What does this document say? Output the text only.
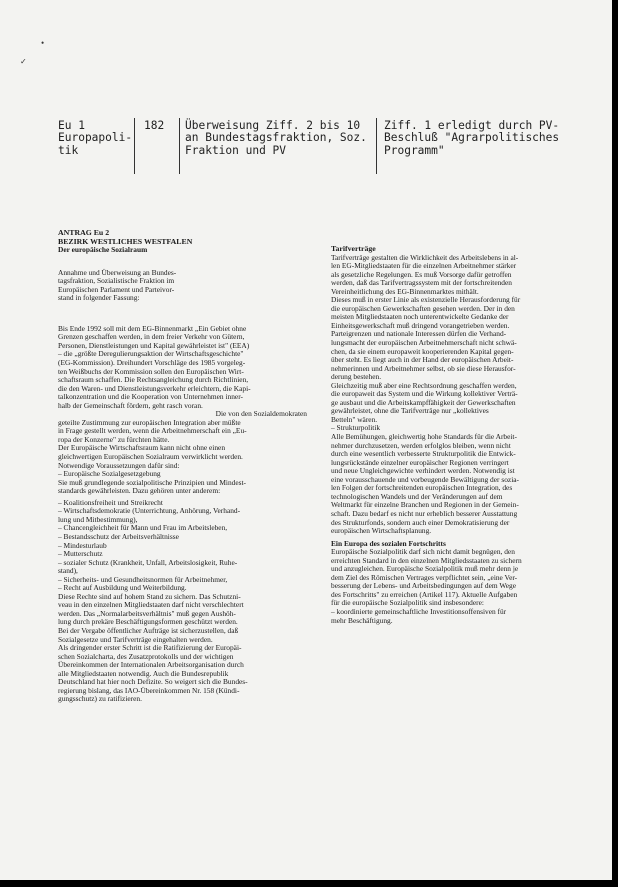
•
✓
Eu 1
Europapoli-
tik
182 Überweisung Ziff. 2 bis 10
an Bundestagsfraktion, Soz.
Fraktion und PV
Ziff. 1 erledigt durch PV-
Beschluß "Agrarpolitisches
Programm"

ANTRAG Eu 2

BEZIRK WESTLICHES WESTFALEN

Der europäische Sozialraum

Annahme und Überweisung an Bundes-

tagsfraktion, Sozialistische Fraktion im

Europäischen Parlament und Parteivor-

stand in folgender Fassung:

Bis Ende 1992 soll mit dem EG-Binnenmarkt „Ein Gebiet ohne

Grenzen geschaffen werden, in dem freier Verkehr von Gütern,

Personen, Dienstleistungen und Kapital gewährleistet ist" (EEA)

– die „größte Deregulierungsaktion der Wirtschaftsgeschichte"

(EG-Kommission). Dreihundert Vorschläge des 1985 vorgeleg-

ten Weißbuchs der Kommission sollen den Europäischen Wirt-

schaftsraum schaffen. Die Rechtsangleichung durch Richtlinien,

die den Waren- und Dienstleistungsverkehr erleichtern, die Kapi-

talkonzentration und die Kooperation von Unternehmen inner-

halb der Gemeinschaft fördern, geht rasch voran.

Die von den Sozialdemokraten

geteilte Zustimmung zur europäischen Integration aber müßte

in Frage gestellt werden, wenn die Arbeitnehmerschaft ein „Eu-

ropa der Konzerne" zu fürchten hätte.

Der Europäische Wirtschaftsraum kann nicht ohne einen

gleichwertigen Europäischen Sozialraum verwirklicht werden.

Notwendige Voraussetzungen dafür sind:

– Europäische Sozialgesetzgebung

Sie muß grundlegende sozialpolitische Prinzipien und Mindest-

standards gewährleisten. Dazu gehören unter anderem:

– Koalitionsfreiheit und Streikrecht

– Wirtschaftsdemokratie (Unterrichtung, Anhörung, Verhand-

lung und Mitbestimmung),

– Chancengleichheit für Mann und Frau im Arbeitsleben,

– Bestandsschutz der Arbeitsverhältnisse

– Mindesturlaub

– Mutterschutz

– sozialer Schutz (Krankheit, Unfall, Arbeitslosigkeit, Ruhe-

stand),

– Sicherheits- und Gesundheitsnormen für Arbeitnehmer,

– Recht auf Ausbildung und Weiterbildung.

Diese Rechte sind auf hohem Stand zu sichern. Das Schutzni-

veau in den einzelnen Mitgliedstaaten darf nicht verschlechtert

werden. Das „Normalarbeitsverhältnis" muß gegen Aushöh-

lung durch prekäre Beschäftigungsformen geschützt werden.

Bei der Vergabe öffentlicher Aufträge ist sicherzustellen, daß

Sozialgesetze und Tarifverträge eingehalten werden.

Als dringender erster Schritt ist die Ratifizierung der Europäi-

schen Sozialcharta, des Zusatzprotokolls und der wichtigen

Übereinkommen der Internationalen Arbeitsorganisation durch

alle Mitgliedstaaten notwendig. Auch die Bundesrepublik

Deutschland hat hier noch Defizite. So weigert sich die Bundes-

regierung bislang, das IAO-Übereinkommen Nr. 158 (Kündi-

gungsschutz) zu ratifizieren.

Tarifverträge

Tarifverträge gestalten die Wirklichkeit des Arbeitslebens in al-

len EG-Mitgliedstaaten für die einzelnen Arbeitnehmer stärker

als gesetzliche Regelungen. Es muß Vorsorge dafür getroffen

werden, daß das Tarifvertragssystem mit der fortschreitenden

Vereinheitlichung des EG-Binnenmarktes mithält.

Dieses muß in erster Linie als existenzielle Herausforderung für

die europäischen Gewerkschaften gesehen werden. Der in den

meisten Mitgliedstaaten noch unterentwickelte Gedanke der

Einheitsgewerkschaft muß dringend vorangetrieben werden.

Parteigrenzen und nationale Interessen dürfen die Verhand-

lungsmacht der europäischen Arbeitnehmerschaft nicht schwä-

chen, da sie einem europaweit kooperierenden Kapital gegen-

über steht. Es liegt auch in der Hand der europäischen Arbeit-

nehmerinnen und Arbeitnehmer selbst, ob sie diese Herausfor-

derung bestehen.

Gleichzeitig muß aber eine Rechtsordnung geschaffen werden,

die europaweit das System und die Wirkung kollektiver Verträ-

ge ausbaut und die Arbeitskampffähigkeit der Gewerkschaften

gewährleistet, ohne die Tarifverträge nur „kollektives

Betteln" wären.

– Strukturpolitik

Alle Bemühungen, gleichwertig hohe Standards für die Arbeit-

nehmer durchzusetzen, werden erfolglos bleiben, wenn nicht

durch eine wesentlich verbesserte Strukturpolitik die Entwick-

lungsrückstände einzelner europäischer Regionen verringert

und neue Ungleichgewichte verhindert werden. Notwendig ist

eine vorausschauende und vorbeugende Bewältigung der sozia-

len Folgen der fortschreitenden europäischen Integration, des

technologischen Wandels und der Veränderungen auf dem

Weltmarkt für einzelne Branchen und Regionen in der Gemein-

schaft. Dazu bedarf es nicht nur erheblich besserer Ausstattung

des Strukturfonds, sondern auch einer Demokratisierung der

europäischen Wirtschaftsplanung.

Ein Europa des sozialen Fortschritts

Europäische Sozialpolitik darf sich nicht damit begnügen, den

erreichten Standard in den einzelnen Mitgliedsstaaten zu sichern

und anzugleichen. Europäische Sozialpolitik muß mehr denn je

dem Ziel des Römischen Vertrages verpflichtet sein, „eine Ver-

besserung der Lebens- und Arbeitsbedingungen auf dem Wege

des Fortschritts" zu erreichen (Artikel 117). Aktuelle Aufgaben

für die europäische Sozialpolitik sind insbesondere:

– koordinierte gemeinschaftliche Investitionsoffensiven für

mehr Beschäftigung.
